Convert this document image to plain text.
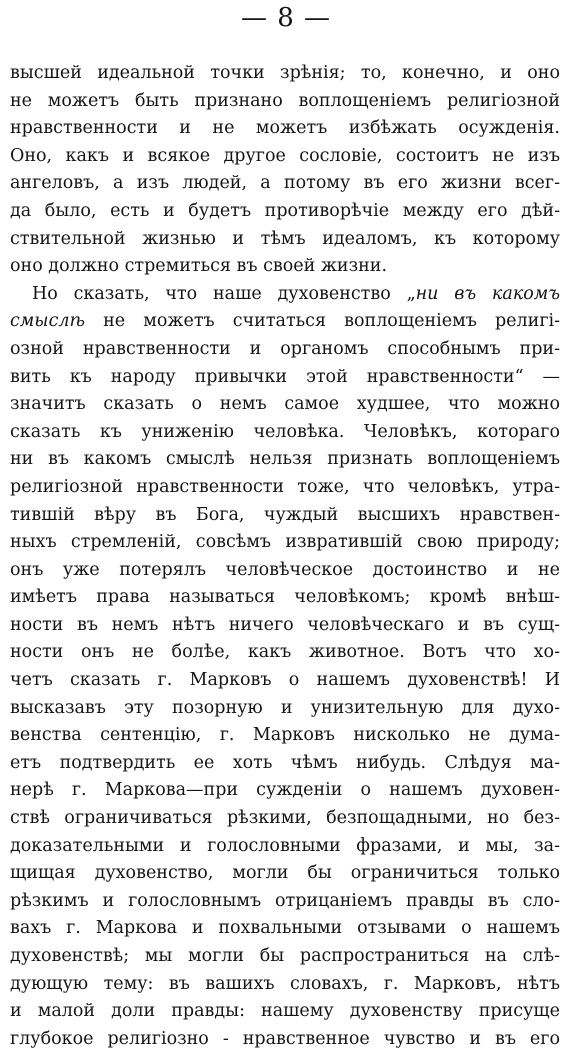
— 8 —
высшей идеальной точки зрѣнія; то, конечно, и оно
не можетъ быть признано воплощеніемъ религіозной
нравственности и не можетъ избѣжать осужденія.
Оно, какъ и всякое другое сословіе, состоитъ не изъ
ангеловъ, а изъ людей, а потому въ его жизни всег-
да было, есть и будетъ противорѣчіе между его дѣй-
ствительной жизнью и тѣмъ идеаломъ, къ которому
оно должно стремиться въ своей жизни.
Но сказать, что наше духовенство „ни въ какомъ
смыслѣ не можетъ считаться воплощеніемъ религі-
озной нравственности и органомъ способнымъ при-
вить къ народу привычки этой нравственности“ —
значитъ сказать о немъ самое худшее, что можно
сказать къ униженію человѣка. Человѣкъ, котораго
ни въ какомъ смыслѣ нельзя признать воплощеніемъ
религіозной нравственности тоже, что человѣкъ, утра-
тившій вѣру въ Бога, чуждый высшихъ нравствен-
ныхъ стремленій, совсѣмъ извратившій свою природу;
онъ уже потерялъ человѣческое достоинство и не
имѣетъ права называться человѣкомъ; кромѣ внѣш-
ности въ немъ нѣтъ ничего человѣческаго и въ сущ-
ности онъ не болѣе, какъ животное. Вотъ что хо-
четъ сказать г. Марковъ о нашемъ духовенствѣ! И
высказавъ эту позорную и унизительную для духо-
венства сентенцію, г. Марковъ нисколько не дума-
етъ подтвердить ее хоть чѣмъ нибудь. Слѣдуя ма-
нерѣ г. Маркова—при сужденіи о нашемъ духовен-
ствѣ ограничиваться рѣзкими, безпощадными, но без-
доказательными и голословными фразами, и мы, за-
щищая духовенство, могли бы ограничиться только
рѣзкимъ и голословнымъ отрицаніемъ правды въ сло-
вахъ г. Маркова и похвальными отзывами о нашемъ
духовенствѣ; мы могли бы распространиться на слѣ-
дующую тему: въ вашихъ словахъ, г. Марковъ, нѣтъ
и малой доли правды: нашему духовенству присуще
глубокое религіозно - нравственное чувство и въ его
